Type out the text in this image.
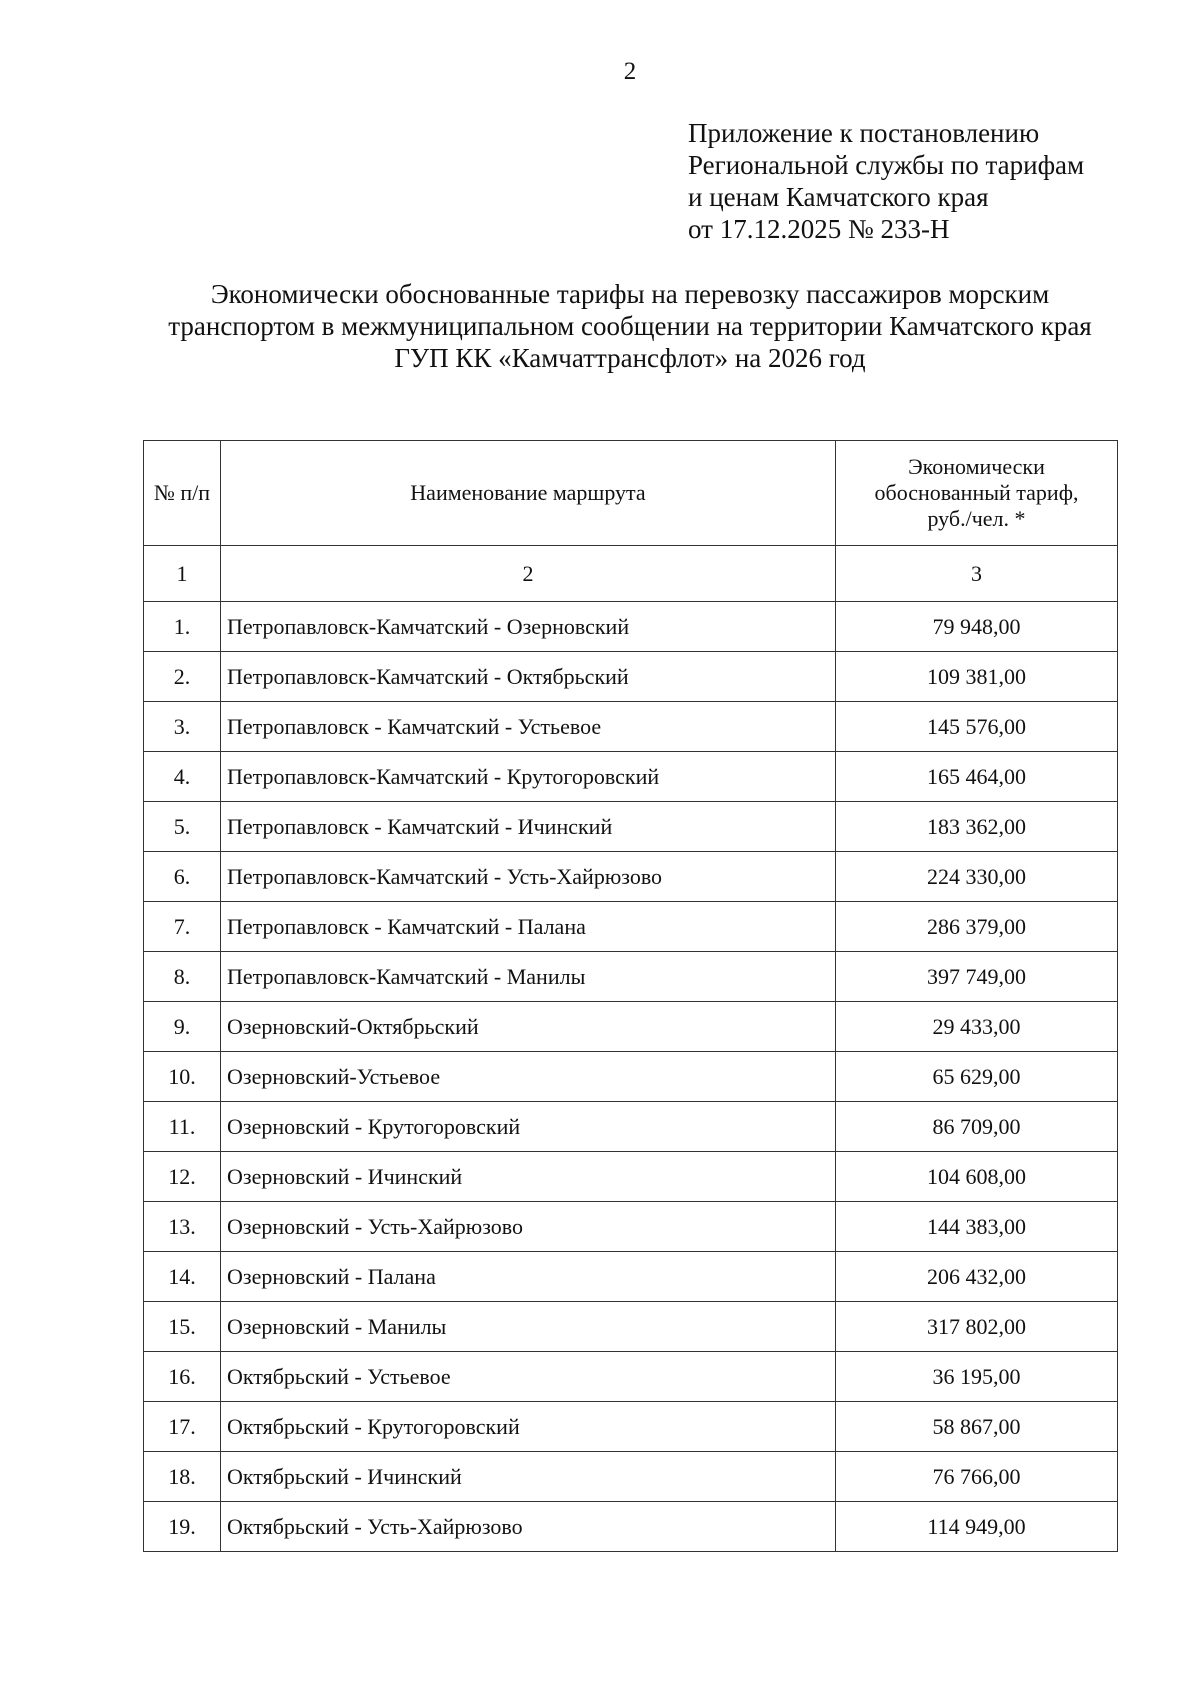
2
Приложение к постановлению
Региональной службы по тарифам
и ценам Камчатского края
от 17.12.2025 № 233-Н
Экономически обоснованные тарифы на перевозку пассажиров морским
транспортом в межмуниципальном сообщении на территории Камчатского края
ГУП КК «Камчаттрансфлот» на 2026 год
№ п/п	Наименование маршрута	Экономически
обоснованный тариф,
руб./чел. *

1	2	3
1.	Петропавловск-Камчатский - Озерновский	79 948,00
2.	Петропавловск-Камчатский - Октябрьский	109 381,00
3.	Петропавловск - Камчатский - Устьевое	145 576,00
4.	Петропавловск-Камчатский - Крутогоровский	165 464,00
5.	Петропавловск - Камчатский - Ичинский	183 362,00
6.	Петропавловск-Камчатский - Усть-Хайрюзово	224 330,00
7.	Петропавловск - Камчатский - Палана	286 379,00
8.	Петропавловск-Камчатский - Манилы	397 749,00
9.	Озерновский-Октябрьский	29 433,00
10.	Озерновский-Устьевое	65 629,00
11.	Озерновский - Крутогоровский	86 709,00
12.	Озерновский - Ичинский	104 608,00
13.	Озерновский - Усть-Хайрюзово	144 383,00
14.	Озерновский - Палана	206 432,00
15.	Озерновский - Манилы	317 802,00
16.	Октябрьский - Устьевое	36 195,00
17.	Октябрьский - Крутогоровский	58 867,00
18.	Октябрьский - Ичинский	76 766,00
19.	Октябрьский - Усть-Хайрюзово	114 949,00
